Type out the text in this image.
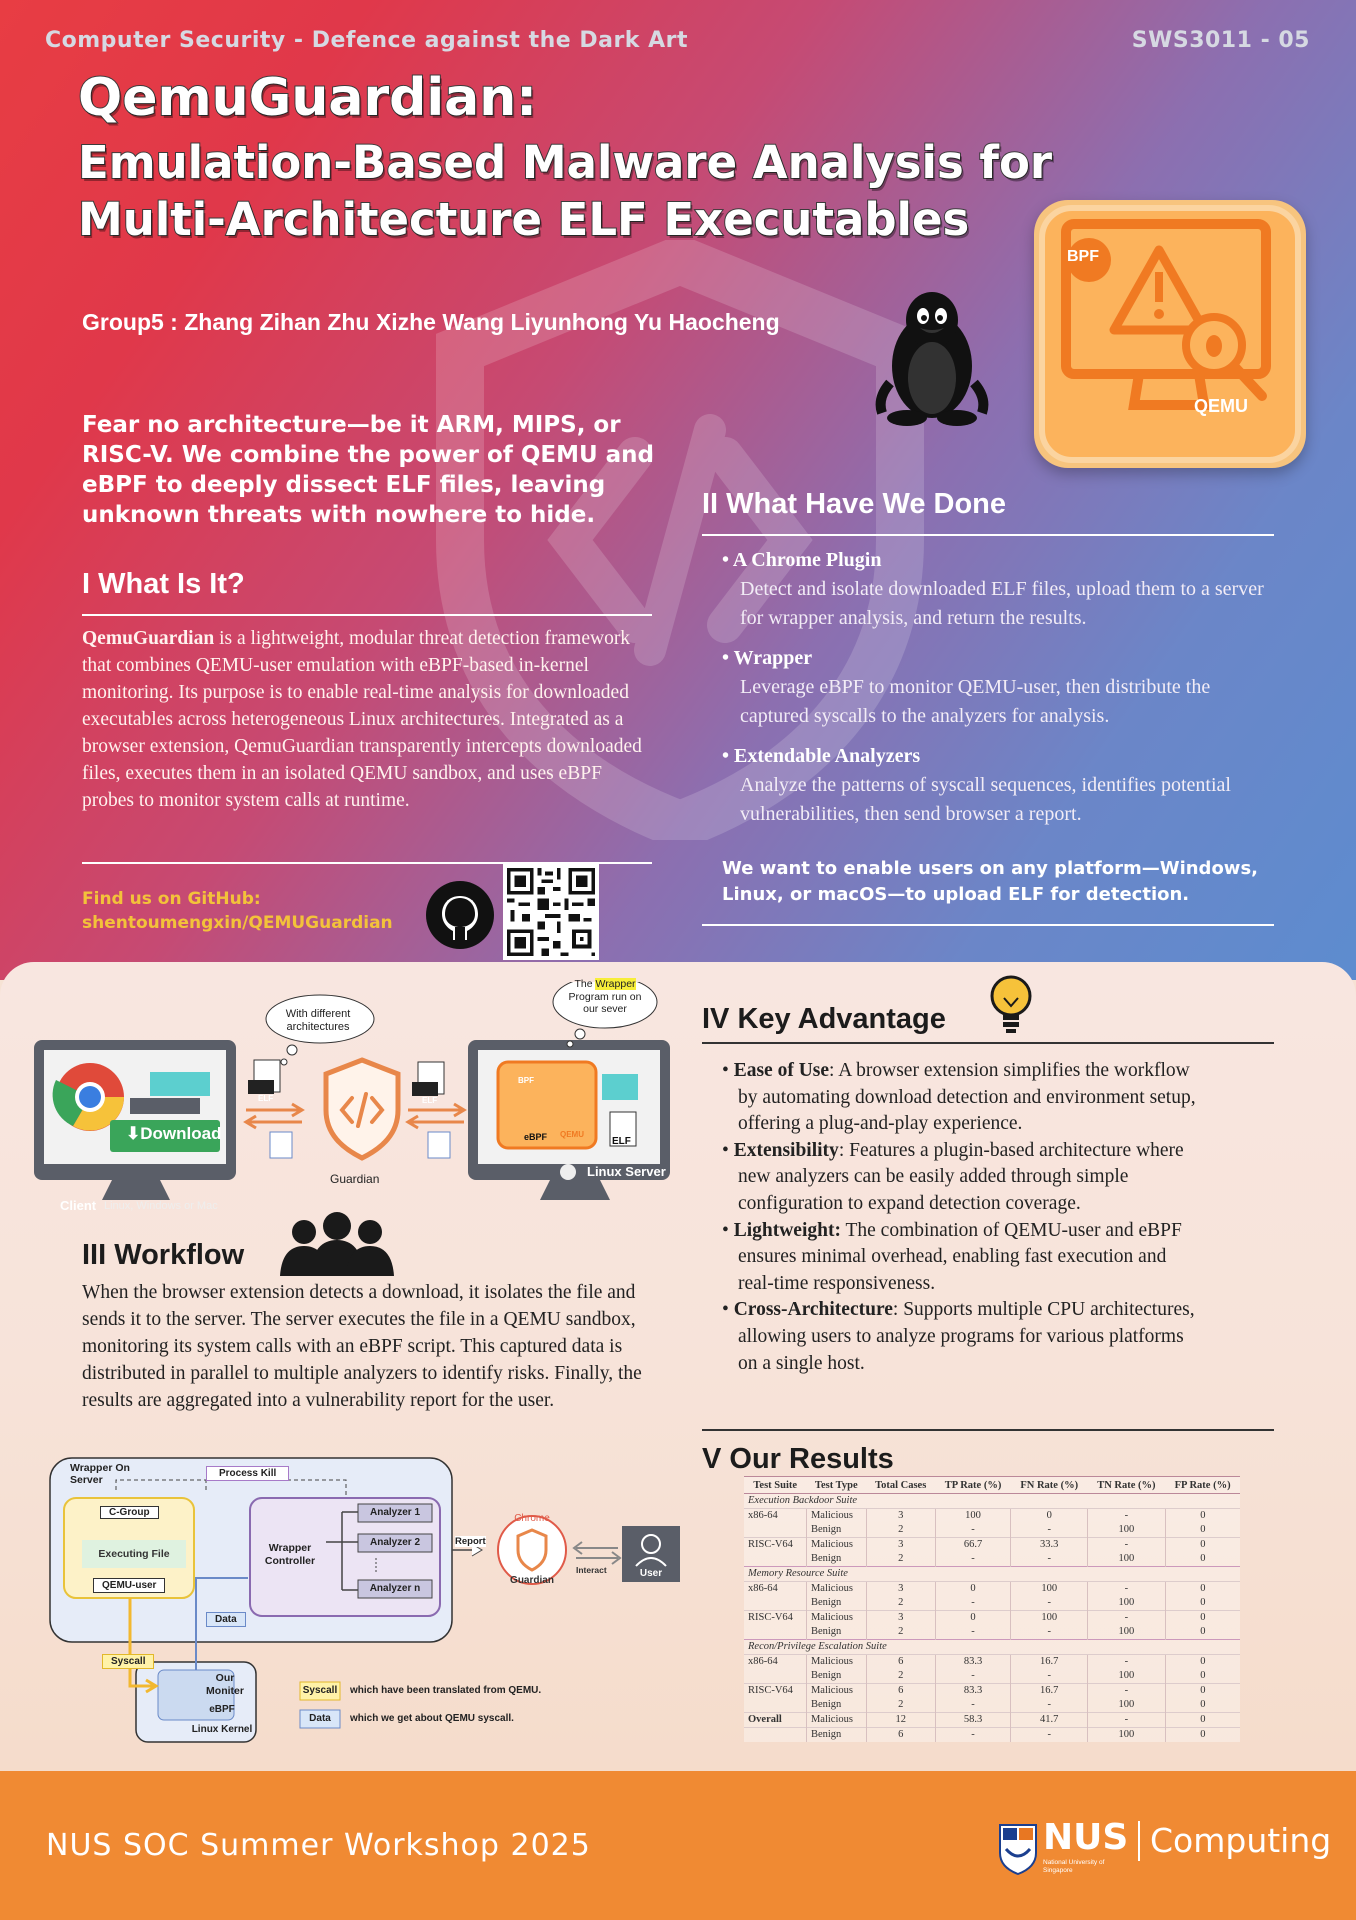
Computer Security - Defence against the Dark Art	SWS3011 - 05
QemuGuardian:
Emulation-Based Malware Analysis for
Multi-Architecture ELF Executables
Group5 : Zhang Zihan Zhu Xizhe Wang Liyunhong Yu Haocheng
BPF
QEMU
Fear no architecture—be it ARM, MIPS, or RISC-V. We combine the power of QEMU and eBPF to deeply dissect ELF files, leaving unknown threats with nowhere to hide.
I What Is It?
QemuGuardian is a lightweight, modular threat detection framework that combines QEMU-user emulation with eBPF-based in-kernel monitoring. Its purpose is to enable real-time analysis for downloaded executables across heterogeneous Linux architectures. Integrated as a browser extension, QemuGuardian transparently intercepts downloaded files, executes them in an isolated QEMU sandbox, and uses eBPF probes to monitor system calls at runtime.
Find us on GitHub:
shentoumengxin/QEMUGuardian
II What Have We Done
• A Chrome Plugin
Detect and isolate downloaded ELF files, upload them to a server for wrapper analysis, and return the results.
• Wrapper
Leverage eBPF to monitor QEMU-user, then distribute the captured syscalls to the analyzers for analysis.
• Extendable Analyzers
Analyze the patterns of syscall sequences, identifies potential vulnerabilities, then send browser a report.
We want to enable users on any platform—Windows, Linux, or macOS—to upload ELF for detection.
Client Linux, Windows or Mac
⬇Download
Guardian	Linux Server
With different architectures
The Wrapper Program run on our sever
ELF	ELF
ELF
eBPF QEMU
BPF
III Workflow
When the browser extension detects a download, it isolates the file and sends it to the server. The server executes the file in a QEMU sandbox, monitoring its system calls with an eBPF script. This captured data is distributed in parallel to multiple analyzers to identify risks. Finally, the results are aggregated into a vulnerability report for the user.
Wrapper On Server
Process Kill
C-Group
Executing File
QEMU-user
Wrapper Controller
Analyzer 1
Analyzer 2
Analyzer n
Report
Chrome
Guardian
Interact	User
Data
Syscall
Our Moniter
eBPF
Linux Kernel
Syscall which have been translated from QEMU.
Data	which we get about QEMU syscall.
IV Key Advantage
• Ease of Use: A browser extension simplifies the workflow by automating download detection and environment setup, offering a plug-and-play experience.
• Extensibility: Features a plugin-based architecture where new analyzers can be easily added through simple configuration to expand detection coverage.
• Lightweight: The combination of QEMU-user and eBPF ensures minimal overhead, enabling fast execution and real-time responsiveness.
• Cross-Architecture: Supports multiple CPU architectures, allowing users to analyze programs for various platforms on a single host.
V Our Results
Test Suite	Test Type	Total Cases	TP Rate (%)	FN Rate (%)	TN Rate (%)	FP Rate (%)
Execution Backdoor Suite						
x86-64	Malicious	3	100	0	-	0
	Benign	2	-	-	100	0
RISC-V64	Malicious	3	66.7	33.3	-	0
	Benign	2	-	-	100	0
Memory Resource Suite						
x86-64	Malicious	3	0	100	-	0
	Benign	2	-	-	100	0
RISC-V64	Malicious	3	0	100	-	0
	Benign	2	-	-	100	0
Recon/Privilege Escalation Suite						
x86-64	Malicious	6	83.3	16.7	-	0
	Benign	2	-	-	100	0
RISC-V64	Malicious	6	83.3	16.7	-	0
	Benign	2	-	-	100	0
Overall	Malicious	12	58.3	41.7	-	0
	Benign	6	-	-	100	0
NUS SOC Summer Workshop 2025	NUS
National University of Singapore
Computing
